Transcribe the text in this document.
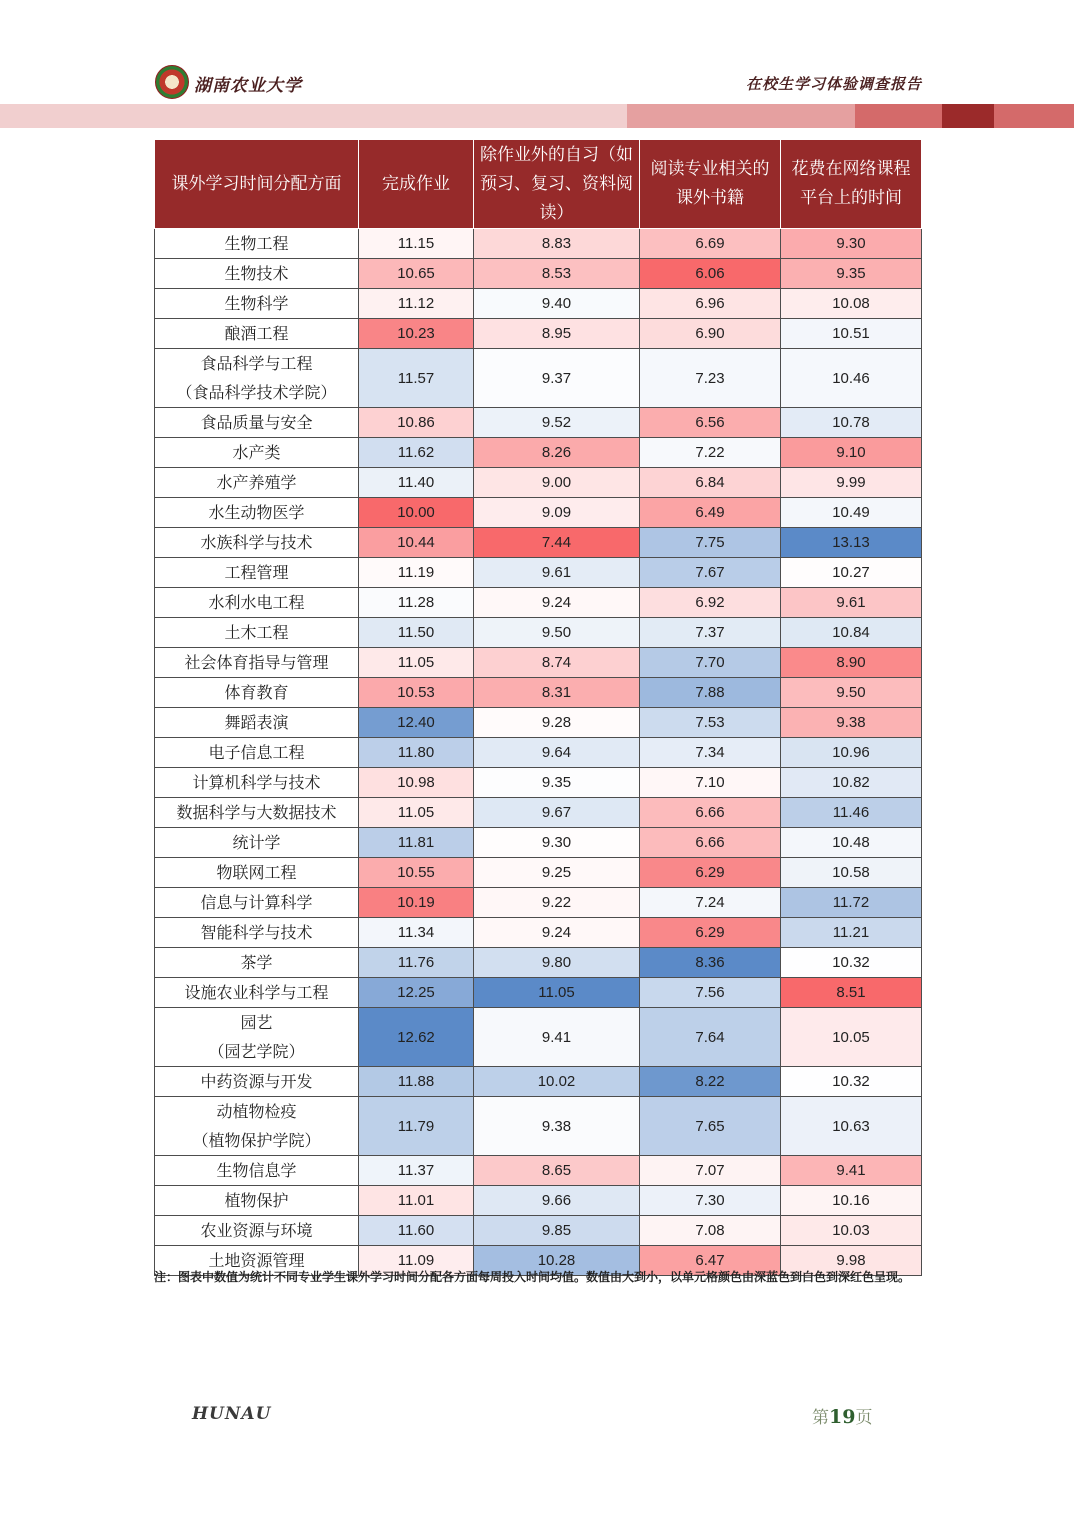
湖南农业大学	在校生学习体验调查报告
课外学习时间分配方面	完成作业	除作业外的自习（如预习、复习、资料阅读）	阅读专业相关的课外书籍	花费在网络课程平台上的时间
生物工程	11.15	8.83	6.69	9.30
生物技术	10.65	8.53	6.06	9.35
生物科学	11.12	9.40	6.96	10.08
酿酒工程	10.23	8.95	6.90	10.51
食品科学与工程
（食品科学技术学院）	11.57	9.37	7.23	10.46
食品质量与安全	10.86	9.52	6.56	10.78
水产类	11.62	8.26	7.22	9.10
水产养殖学	11.40	9.00	6.84	9.99
水生动物医学	10.00	9.09	6.49	10.49
水族科学与技术	10.44	7.44	7.75	13.13
工程管理	11.19	9.61	7.67	10.27
水利水电工程	11.28	9.24	6.92	9.61
土木工程	11.50	9.50	7.37	10.84
社会体育指导与管理	11.05	8.74	7.70	8.90
体育教育	10.53	8.31	7.88	9.50
舞蹈表演	12.40	9.28	7.53	9.38
电子信息工程	11.80	9.64	7.34	10.96
计算机科学与技术	10.98	9.35	7.10	10.82
数据科学与大数据技术	11.05	9.67	6.66	11.46
统计学	11.81	9.30	6.66	10.48
物联网工程	10.55	9.25	6.29	10.58
信息与计算科学	10.19	9.22	7.24	11.72
智能科学与技术	11.34	9.24	6.29	11.21
茶学	11.76	9.80	8.36	10.32
设施农业科学与工程	12.25	11.05	7.56	8.51
园艺
（园艺学院）	12.62	9.41	7.64	10.05
中药资源与开发	11.88	10.02	8.22	10.32
动植物检疫
（植物保护学院）	11.79	9.38	7.65	10.63
生物信息学	11.37	8.65	7.07	9.41
植物保护	11.01	9.66	7.30	10.16
农业资源与环境	11.60	9.85	7.08	10.03
土地资源管理	11.09	10.28	6.47	9.98
注：图表中数值为统计不同专业学生课外学习时间分配各方面每周投入时间均值。数值由大到小，以单元格颜色由深蓝色到白色到深红色呈现。
HUNAU	第19页
